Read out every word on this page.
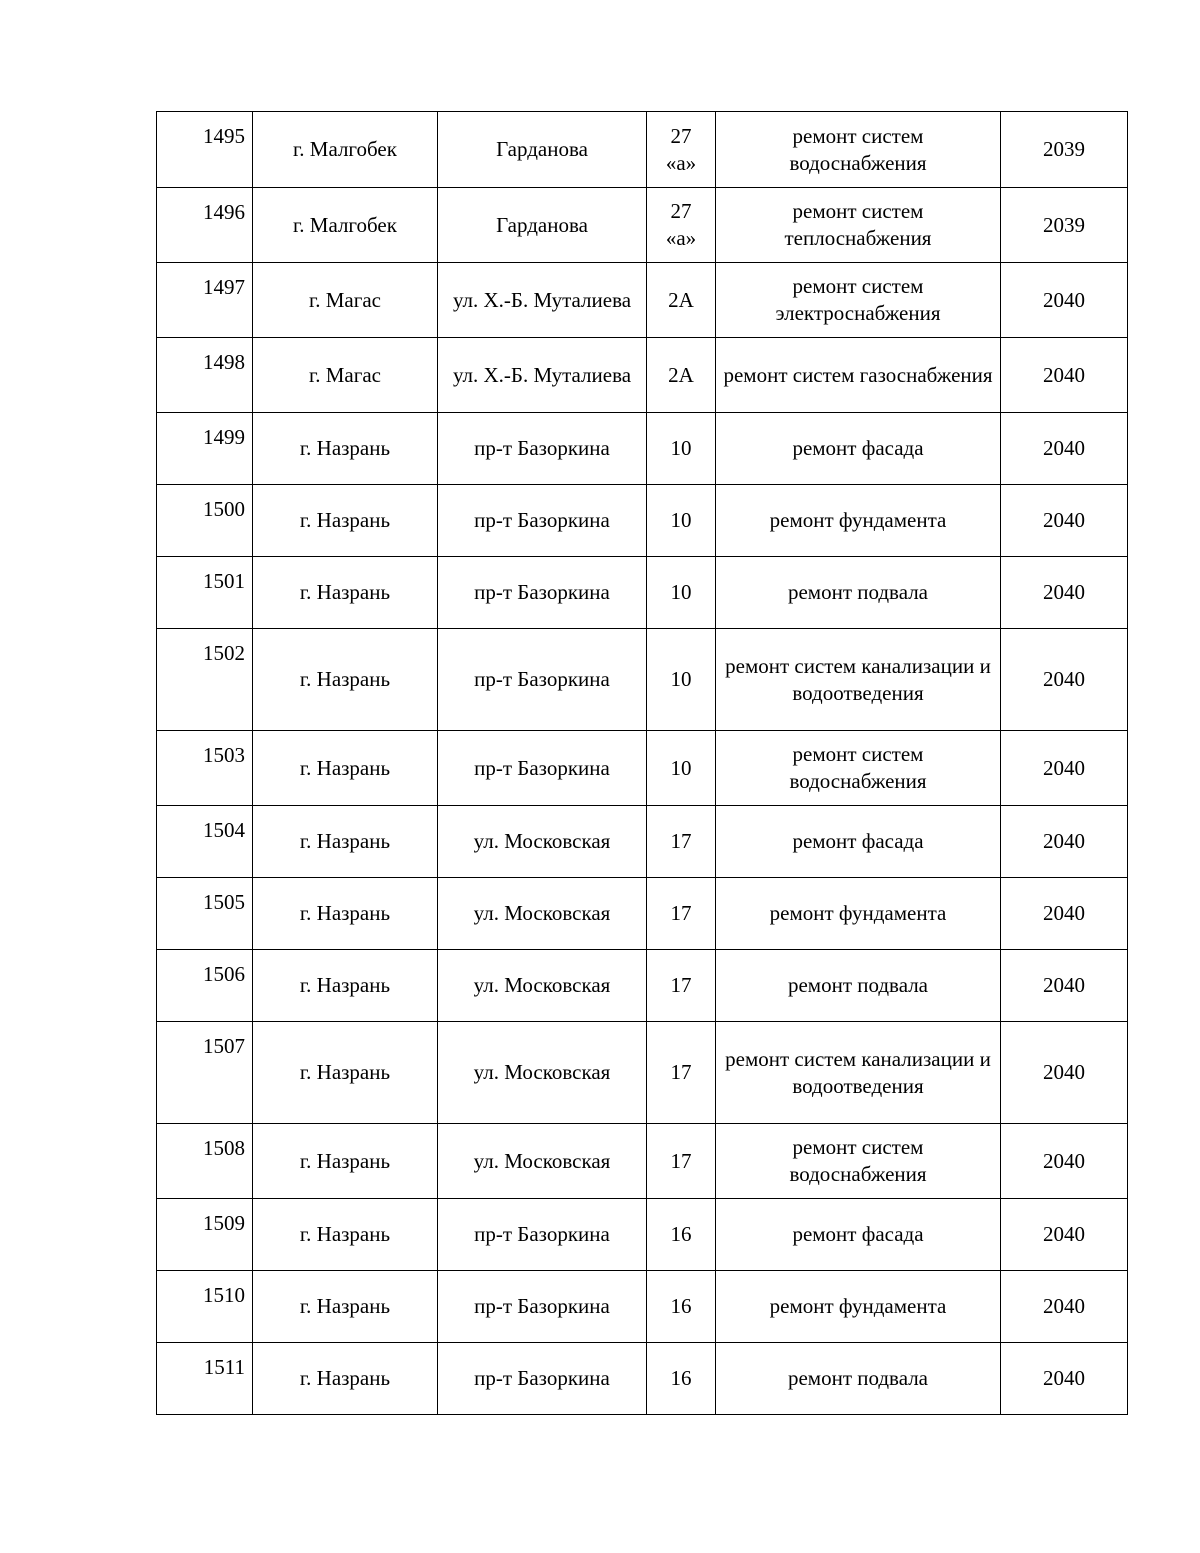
1495	г. Малгобек	Гарданова	27 «а»	ремонт систем водоснабжения	2039
1496	г. Малгобек	Гарданова	27 «а»	ремонт систем теплоснабжения	2039
1497	г. Магас	ул. Х.-Б. Муталиева	2А	ремонт систем электроснабжения	2040
1498	г. Магас	ул. Х.-Б. Муталиева	2А	ремонт систем газоснабжения	2040
1499	г. Назрань	пр-т Базоркина	10	ремонт фасада	2040
1500	г. Назрань	пр-т Базоркина	10	ремонт фундамента	2040
1501	г. Назрань	пр-т Базоркина	10	ремонт подвала	2040
1502	г. Назрань	пр-т Базоркина	10	ремонт систем канализации и водоотведения	2040
1503	г. Назрань	пр-т Базоркина	10	ремонт систем водоснабжения	2040
1504	г. Назрань	ул. Московская	17	ремонт фасада	2040
1505	г. Назрань	ул. Московская	17	ремонт фундамента	2040
1506	г. Назрань	ул. Московская	17	ремонт подвала	2040
1507	г. Назрань	ул. Московская	17	ремонт систем канализации и водоотведения	2040
1508	г. Назрань	ул. Московская	17	ремонт систем водоснабжения	2040
1509	г. Назрань	пр-т Базоркина	16	ремонт фасада	2040
1510	г. Назрань	пр-т Базоркина	16	ремонт фундамента	2040
1511	г. Назрань	пр-т Базоркина	16	ремонт подвала	2040
